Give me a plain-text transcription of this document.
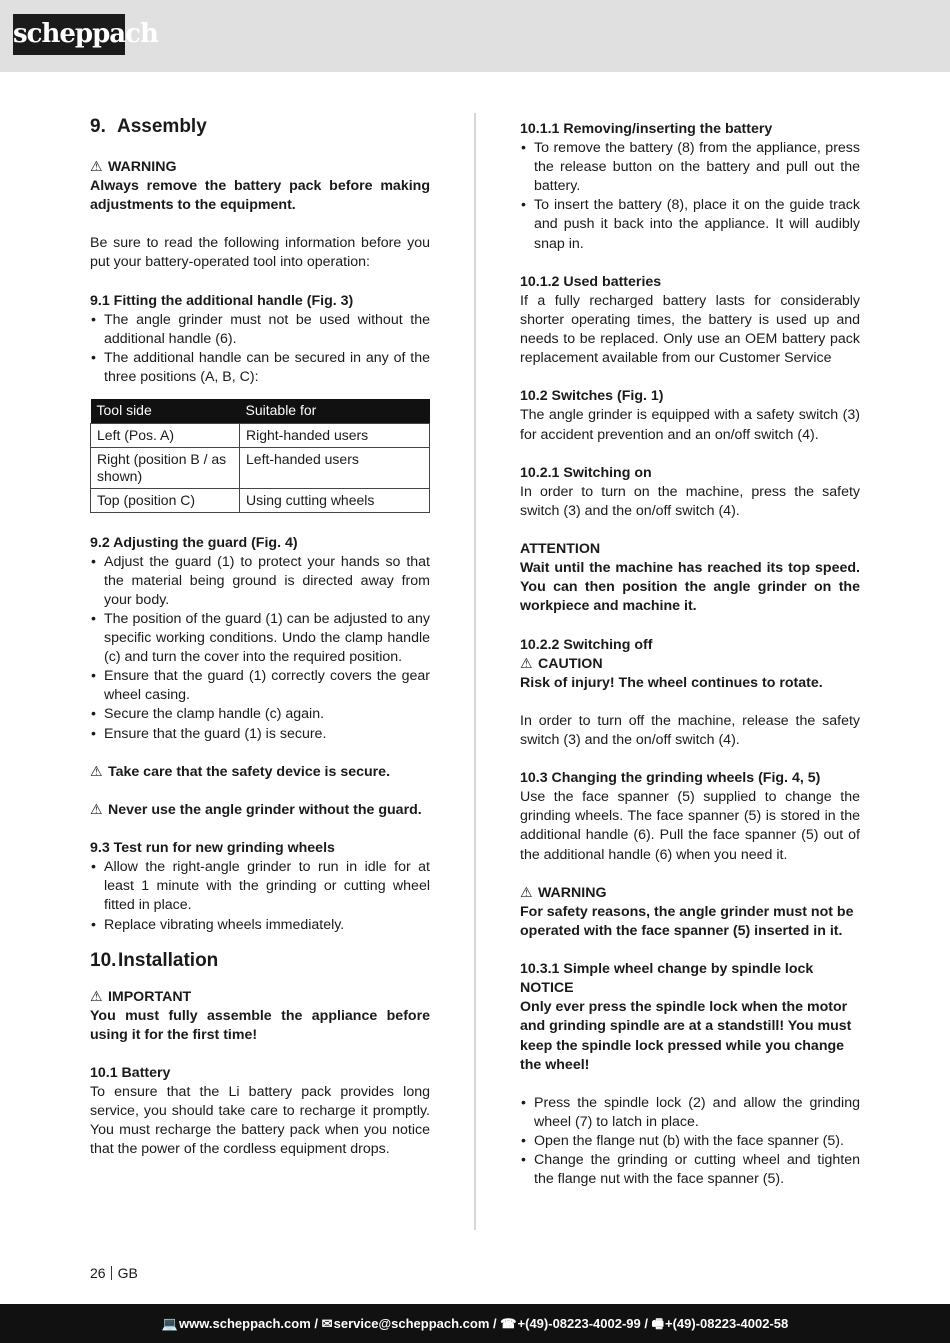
scheppach
9. Assembly

⚠ WARNING

Always remove the battery pack before making adjustments to the equipment.

Be sure to read the following information before you put your battery-operated tool into operation:

9.1 Fitting the additional handle (Fig. 3)

• The angle grinder must not be used without the additional handle (6).
• The additional handle can be secured in any of the three positions (A, B, C):
Tool side	Suitable for
Left (Pos. A)	Right-handed users
Right (position B / as shown)	Left-handed users
Top (position C)	Using cutting wheels

9.2 Adjusting the guard (Fig. 4)

• Adjust the guard (1) to protect your hands so that the material being ground is directed away from your body.
• The position of the guard (1) can be adjusted to any specific working conditions. Undo the clamp handle (c) and turn the cover into the required position.
• Ensure that the guard (1) correctly covers the gear wheel casing.
• Secure the clamp handle (c) again.
• Ensure that the guard (1) is secure.

⚠ Take care that the safety device is secure.

⚠ Never use the angle grinder without the guard.

9.3 Test run for new grinding wheels

• Allow the right-angle grinder to run in idle for at least 1 minute with the grinding or cutting wheel fitted in place.
• Replace vibrating wheels immediately.
10.Installation

⚠ IMPORTANT

You must fully assemble the appliance before using it for the first time!

10.1 Battery

To ensure that the Li battery pack provides long service, you should take care to recharge it promptly. You must recharge the battery pack when you notice that the power of the cordless equipment drops.

10.1.1 Removing/inserting the battery

• To remove the battery (8) from the appliance, press the release button on the battery and pull out the battery.
• To insert the battery (8), place it on the guide track and push it back into the appliance. It will audibly snap in.

10.1.2 Used batteries

If a fully recharged battery lasts for considerably shorter operating times, the battery is used up and needs to be replaced. Only use an OEM battery pack replacement available from our Customer Service

10.2 Switches (Fig. 1)

The angle grinder is equipped with a safety switch (3) for accident prevention and an on/off switch (4).

10.2.1 Switching on

In order to turn on the machine, press the safety switch (3) and the on/off switch (4).

ATTENTION

Wait until the machine has reached its top speed. You can then position the angle grinder on the workpiece and machine it.

10.2.2 Switching off

⚠ CAUTION

Risk of injury! The wheel continues to rotate.

In order to turn off the machine, release the safety switch (3) and the on/off switch (4).

10.3 Changing the grinding wheels (Fig. 4, 5)

Use the face spanner (5) supplied to change the grinding wheels. The face spanner (5) is stored in the additional handle (6). Pull the face spanner (5) out of the additional handle (6) when you need it.

⚠ WARNING

For safety reasons, the angle grinder must not be operated with the face spanner (5) inserted in it.

10.3.1 Simple wheel change by spindle lock

NOTICE

Only ever press the spindle lock when the motor and grinding spindle are at a standstill! You must keep the spindle lock pressed while you change the wheel!

• Press the spindle lock (2) and allow the grinding wheel (7) to latch in place.
• Open the flange nut (b) with the face spanner (5).
• Change the grinding or cutting wheel and tighten the flange nut with the face spanner (5).
26 GB
💻 www.scheppach.com / ✉ service@scheppach.com / ☎ +(49)-08223-4002-99 / 🖷 +(49)-08223-4002-58
